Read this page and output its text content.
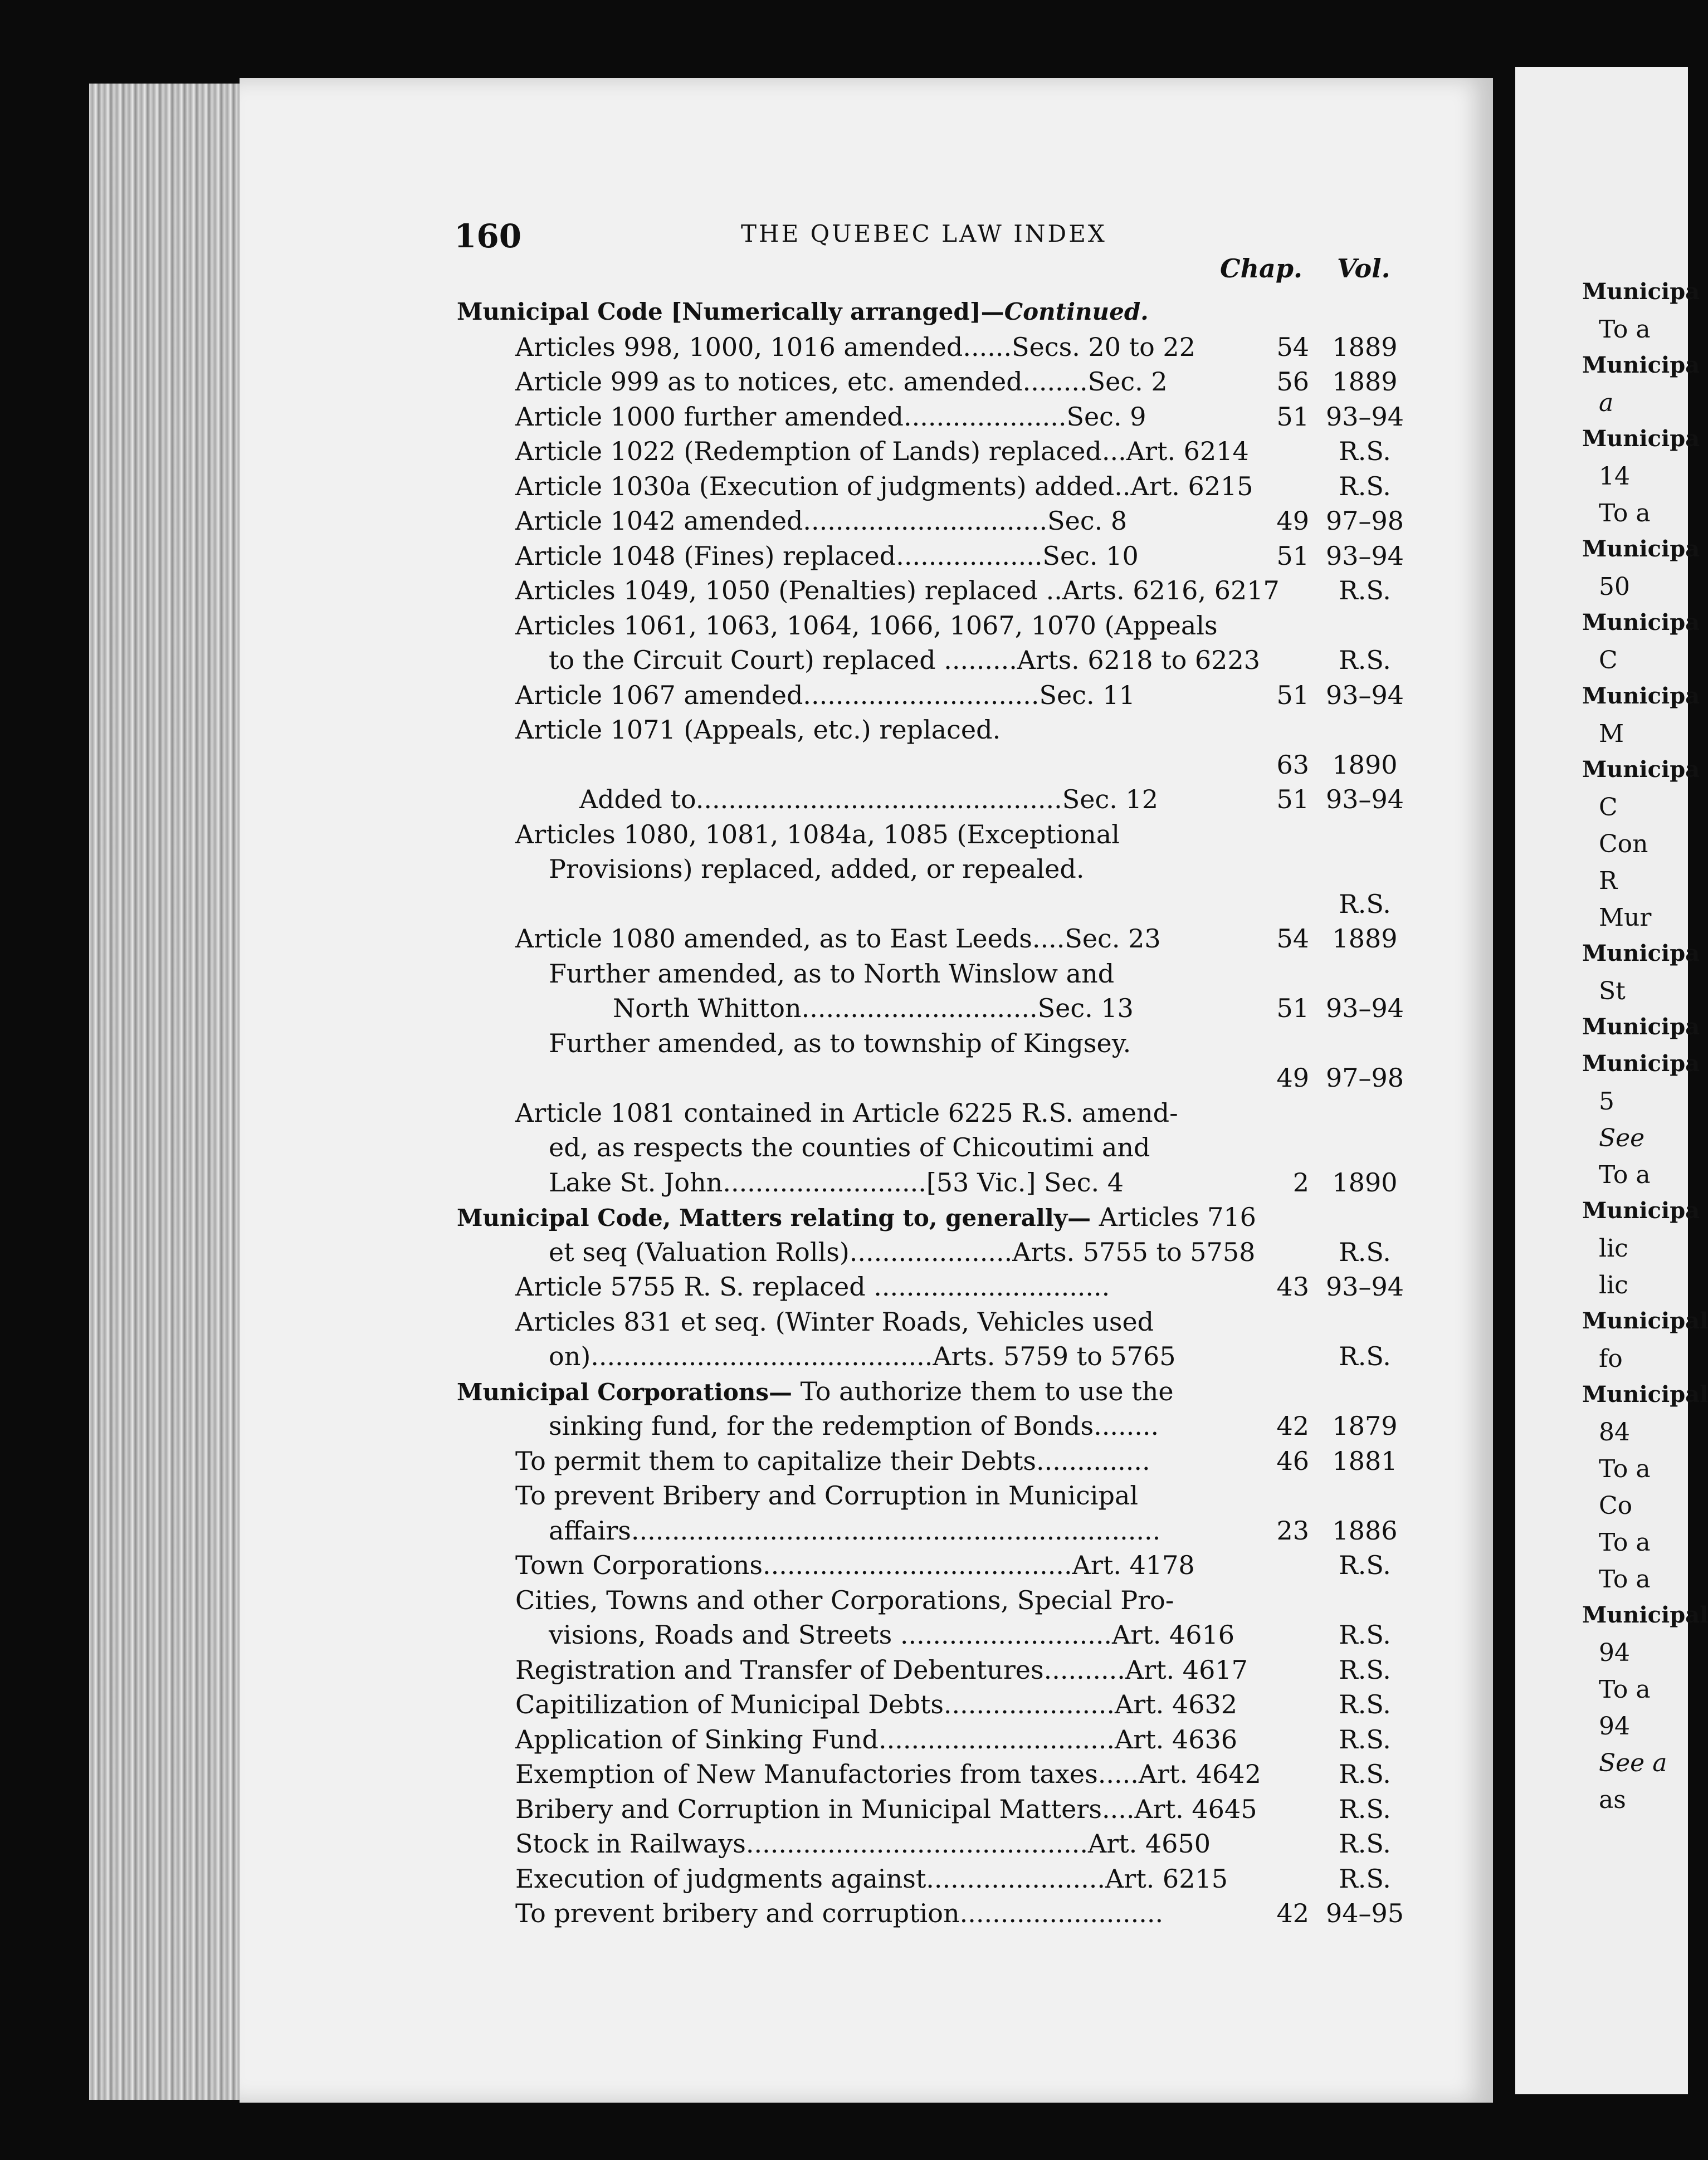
Municipa
To a
Municipa
a
Municipa
14
To a
Municipa
50
Municipa
C
Municipa
M
Municipa
C
Con
R
Mur
Municipa
St
Municipa
Municipa
5
See
To a
Municipa
lic
lic
Municipal
fo
Municipal
84
To a
Co
To a
To a
Municipal
94
To a
94
See a
as
160	THE QUEBEC LAW INDEX
Chap. Vol.
Municipal Code [Numerically arranged]—Continued.
Articles 998, 1000, 1016 amended......Secs. 20 to 22	54 1889
Article 999 as to notices, etc. amended........Sec. 2	56 1889
Article 1000 further amended....................Sec. 9	51 93–94
Article 1022 (Redemption of Lands) replaced...Art. 6214	R.S.
Article 1030a (Execution of judgments) added..Art. 6215	R.S.
Article 1042 amended..............................Sec. 8	49 97–98
Article 1048 (Fines) replaced..................Sec. 10	51 93–94
Articles 1049, 1050 (Penalties) replaced ..Arts. 6216, 6217	R.S.
Articles 1061, 1063, 1064, 1066, 1067, 1070 (Appeals
to the Circuit Court) replaced .........Arts. 6218 to 6223	R.S.
Article 1067 amended.............................Sec. 11	51 93–94
Article 1071 (Appeals, etc.) replaced.
63 1890
Added to.............................................Sec. 12	51 93–94
Articles 1080, 1081, 1084a, 1085 (Exceptional
Provisions) replaced, added, or repealed.
R.S.
Article 1080 amended, as to East Leeds....Sec. 23	54 1889
Further amended, as to North Winslow and
North Whitton.............................Sec. 13	51 93–94
Further amended, as to township of Kingsey.
49 97–98
Article 1081 contained in Article 6225 R.S. amend-
ed, as respects the counties of Chicoutimi and
Lake St. John.........................[53 Vic.] Sec. 4	2 1890
Municipal Code, Matters relating to, generally— Articles 716
et seq (Valuation Rolls)....................Arts. 5755 to 5758	R.S.
Article 5755 R. S. replaced .............................	43 93–94
Articles 831 et seq. (Winter Roads, Vehicles used
on)..........................................Arts. 5759 to 5765	R.S.
Municipal Corporations— To authorize them to use the
sinking fund, for the redemption of Bonds........	42 1879
To permit them to capitalize their Debts..............	46 1881
To prevent Bribery and Corruption in Municipal
affairs.................................................................	23 1886
Town Corporations......................................Art. 4178	R.S.
Cities, Towns and other Corporations, Special Pro-
visions, Roads and Streets ..........................Art. 4616	R.S.
Registration and Transfer of Debentures..........Art. 4617	R.S.
Capitilization of Municipal Debts.....................Art. 4632	R.S.
Application of Sinking Fund.............................Art. 4636	R.S.
Exemption of New Manufactories from taxes.....Art. 4642	R.S.
Bribery and Corruption in Municipal Matters....Art. 4645	R.S.
Stock in Railways..........................................Art. 4650	R.S.
Execution of judgments against......................Art. 6215	R.S.
To prevent bribery and corruption.........................	42 94–95
